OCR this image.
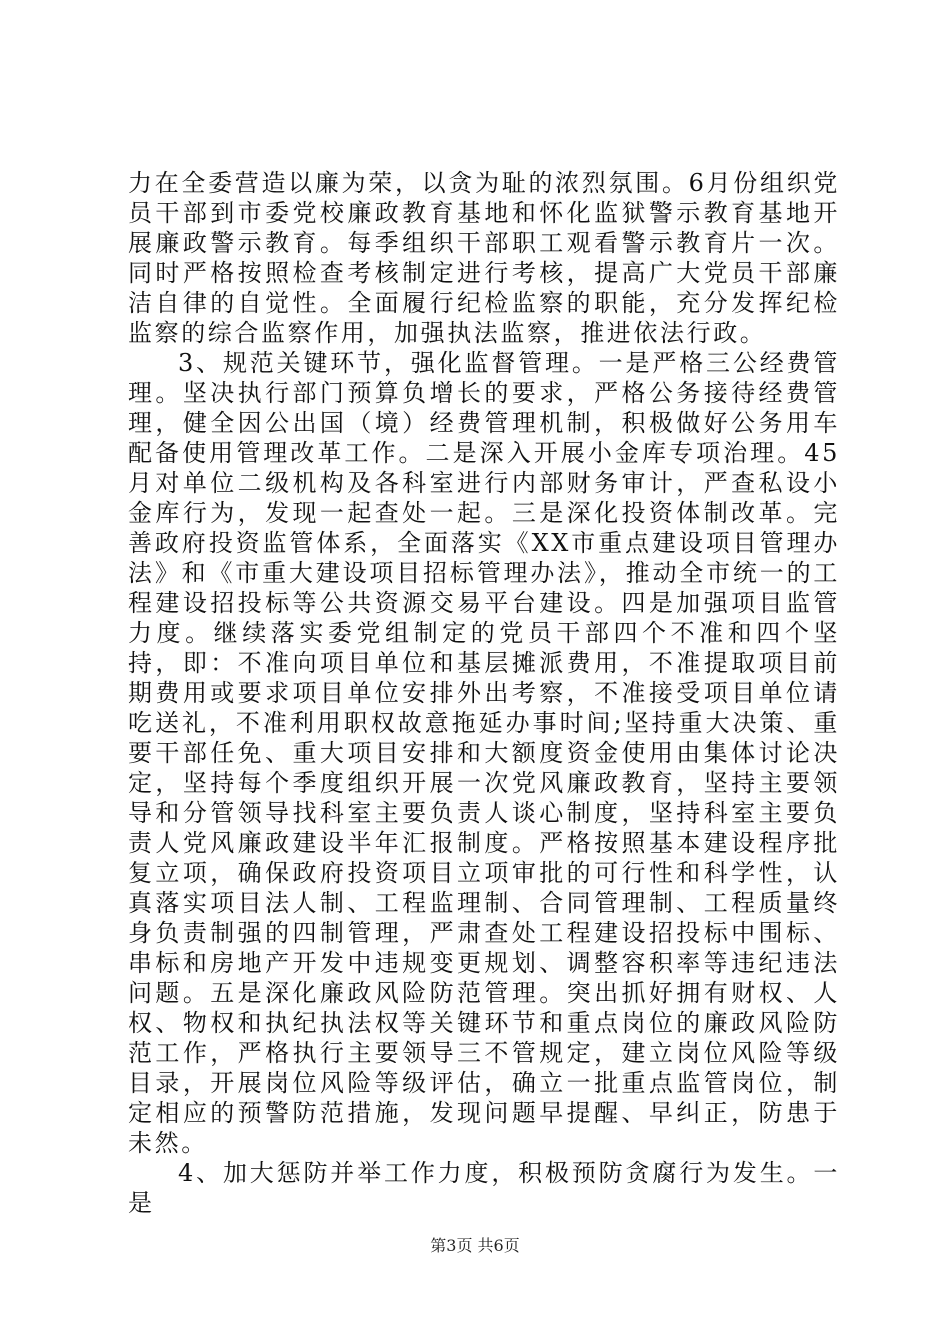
力在全委营造以廉为荣，以贪为耻的浓烈氛围。6月份组织党员干部到市委党校廉政教育基地和怀化监狱警示教育基地开展廉政警示教育。每季组织干部职工观看警示教育片一次。同时严格按照检查考核制定进行考核，提高广大党员干部廉洁自律的自觉性。全面履行纪检监察的职能，充分发挥纪检监察的综合监察作用，加强执法监察，推进依法行政。

3、规范关键环节，强化监督管理。一是严格三公经费管理。坚决执行部门预算负增长的要求，严格公务接待经费管理，健全因公出国（境）经费管理机制，积极做好公务用车配备使用管理改革工作。二是深入开展小金库专项治理。45月对单位二级机构及各科室进行内部财务审计，严查私设小金库行为，发现一起查处一起。三是深化投资体制改革。完善政府投资监管体系，全面落实《XX市重点建设项目管理办法》和《市重大建设项目招标管理办法》，推动全市统一的工程建设招投标等公共资源交易平台建设。四是加强项目监管力度。继续落实委党组制定的党员干部四个不准和四个坚持，即：不准向项目单位和基层摊派费用，不准提取项目前期费用或要求项目单位安排外出考察，不准接受项目单位请吃送礼，不准利用职权故意拖延办事时间;坚持重大决策、重要干部任免、重大项目安排和大额度资金使用由集体讨论决定，坚持每个季度组织开展一次党风廉政教育，坚持主要领导和分管领导找科室主要负责人谈心制度，坚持科室主要负责人党风廉政建设半年汇报制度。严格按照基本建设程序批复立项，确保政府投资项目立项审批的可行性和科学性，认真落实项目法人制、工程监理制、合同管理制、工程质量终身负责制强的四制管理，严肃查处工程建设招投标中围标、串标和房地产开发中违规变更规划、调整容积率等违纪违法问题。五是深化廉政风险防范管理。突出抓好拥有财权、人权、物权和执纪执法权等关键环节和重点岗位的廉政风险防范工作，严格执行主要领导三不管规定，建立岗位风险等级目录，开展岗位风险等级评估，确立一批重点监管岗位，制定相应的预警防范措施，发现问题早提醒、早纠正，防患于未然。

4、加大惩防并举工作力度，积极预防贪腐行为发生。一是

第3页 共6页
